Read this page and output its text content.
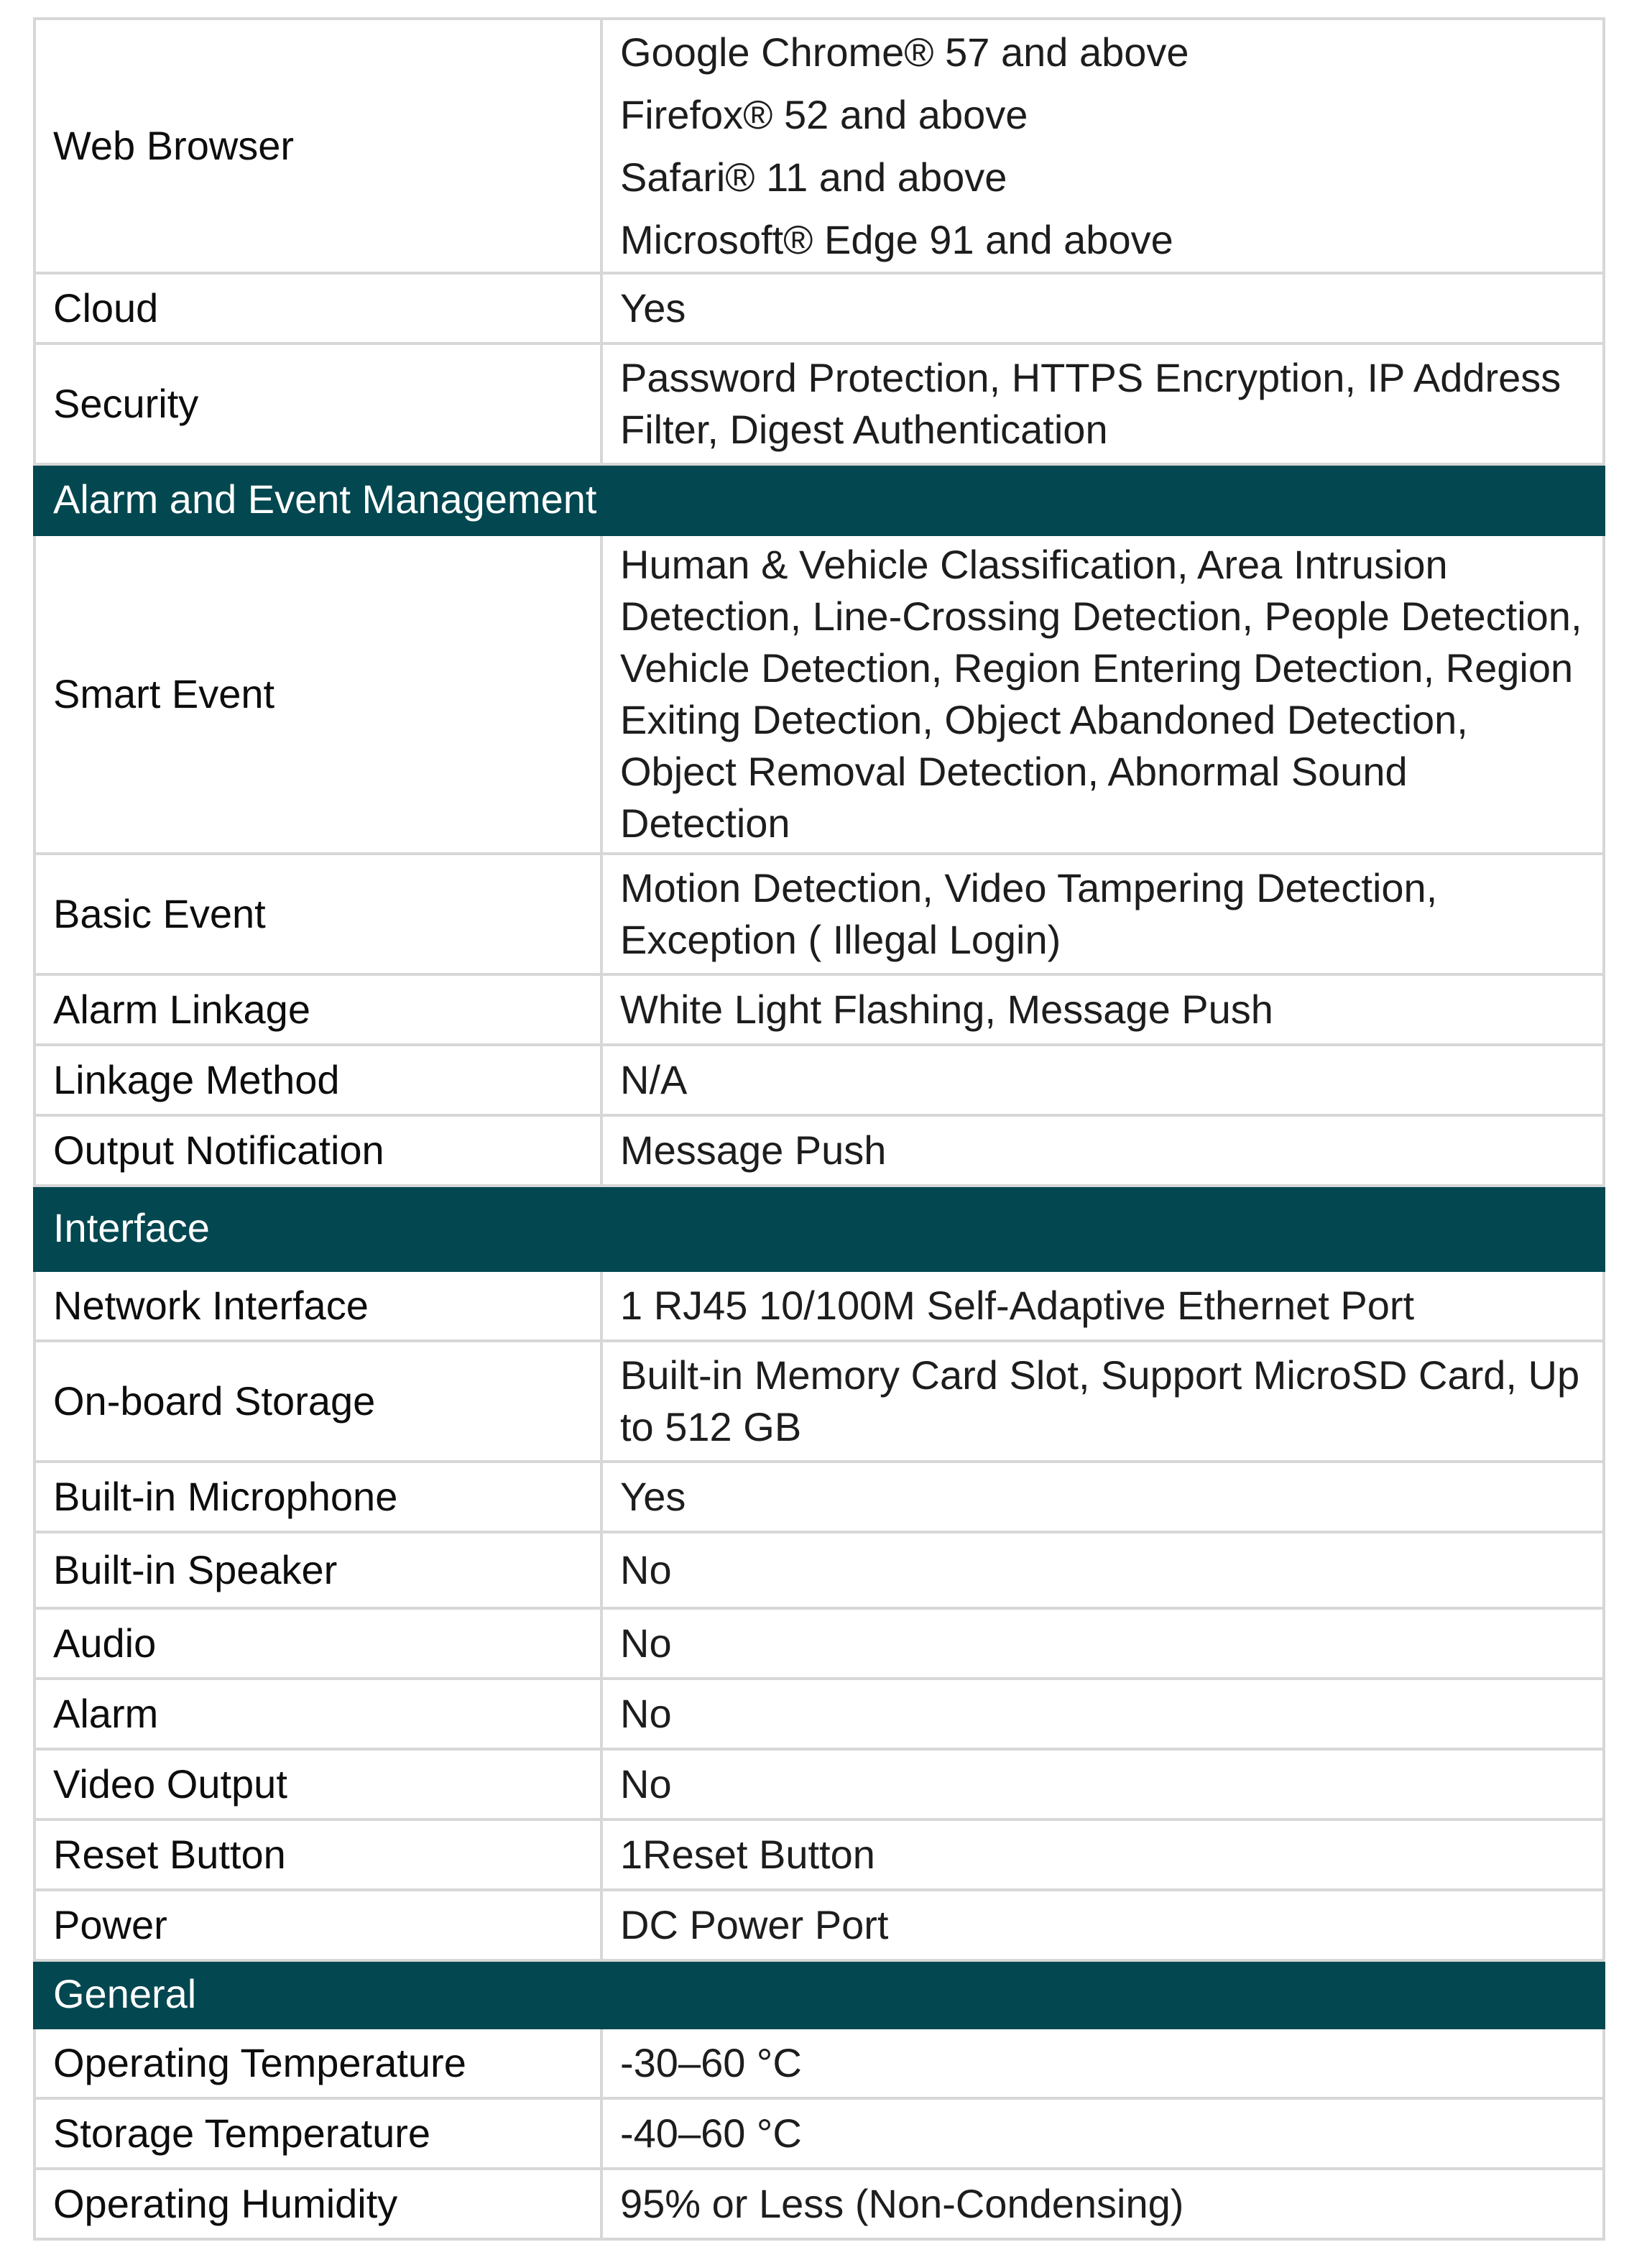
Web Browser	Google Chrome® 57 and above
Firefox® 52 and above
Safari® 11 and above
Microsoft® Edge 91 and above

Cloud	Yes
Security	Password Protection, HTTPS Encryption, IP Address Filter, Digest Authentication
Alarm and Event Management	
Smart Event	Human & Vehicle Classification, Area Intrusion Detection, Line-Crossing Detection, People Detection, Vehicle Detection, Region Entering Detection, Region Exiting Detection, Object Abandoned Detection, Object Removal Detection, Abnormal Sound Detection
Basic Event	Motion Detection, Video Tampering Detection, Exception ( Illegal Login)
Alarm Linkage	White Light Flashing, Message Push
Linkage Method	N/A
Output Notification	Message Push
Interface	
Network Interface	1 RJ45 10/100M Self-Adaptive Ethernet Port
On-board Storage	Built-in Memory Card Slot, Support MicroSD Card, Up to 512 GB
Built-in Microphone	Yes
Built-in Speaker	No
Audio	No
Alarm	No
Video Output	No
Reset Button	1Reset Button
Power	DC Power Port
General	
Operating Temperature	-30–60 °C
Storage Temperature	-40–60 °C
Operating Humidity	95% or Less (Non-Condensing)
